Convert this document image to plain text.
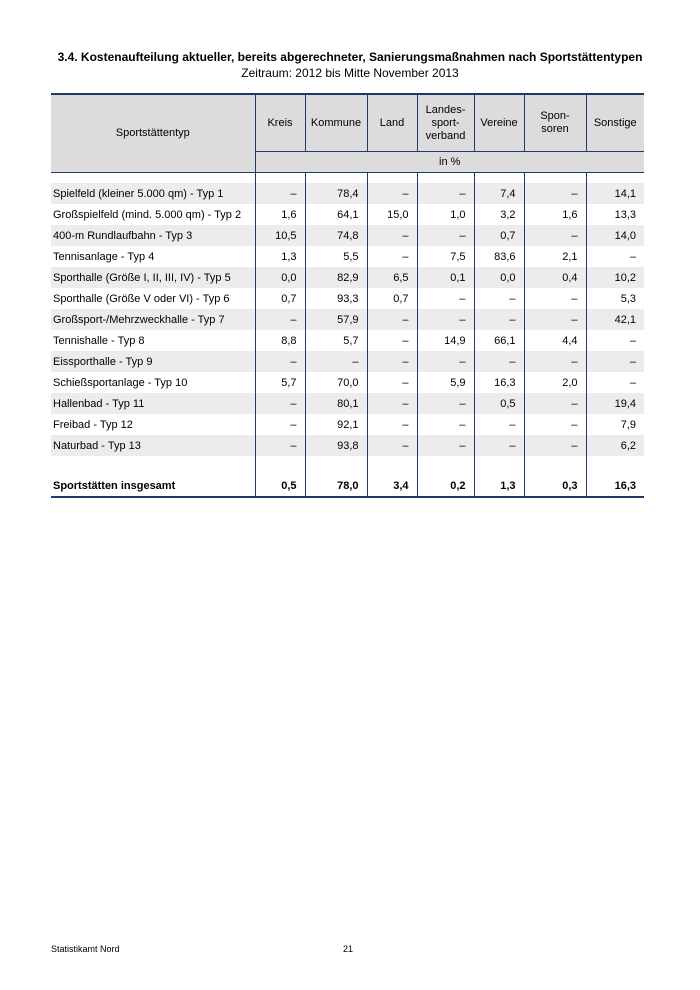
3.4. Kostenaufteilung aktueller, bereits abgerechneter, Sanierungsmaßnahmen nach Sportstättentypen
Zeitraum: 2012 bis Mitte November 2013
Sportstättentyp	Kreis	Kommune	Land	Landes-
sport-
verband	Vereine	Spon-
soren	Sonstige
	in %						

Spielfeld (kleiner 5.000 qm) - Typ 1	–	78,4	–	–	7,4	–	14,1
Großspielfeld (mind. 5.000 qm) - Typ 2	1,6	64,1	15,0	1,0	3,2	1,6	13,3
400-m Rundlaufbahn - Typ 3	10,5	74,8	–	–	0,7	–	14,0
Tennisanlage - Typ 4	1,3	5,5	–	7,5	83,6	2,1	–
Sporthalle (Größe I, II, III, IV) - Typ 5	0,0	82,9	6,5	0,1	0,0	0,4	10,2
Sporthalle (Größe V oder VI) - Typ 6	0,7	93,3	0,7	–	–	–	5,3
Großsport-/Mehrzweckhalle - Typ 7	–	57,9	–	–	–	–	42,1
Tennishalle - Typ 8	8,8	5,7	–	14,9	66,1	4,4	–
Eissporthalle - Typ 9	–	–	–	–	–	–	–
Schießsportanlage - Typ 10	5,7	70,0	–	5,9	16,3	2,0	–
Hallenbad - Typ 11	–	80,1	–	–	0,5	–	19,4
Freibad - Typ 12	–	92,1	–	–	–	–	7,9
Naturbad - Typ 13	–	93,8	–	–	–	–	6,2

Sportstätten insgesamt	0,5	78,0	3,4	0,2	1,3	0,3	16,3
Statistikamt Nord	21
